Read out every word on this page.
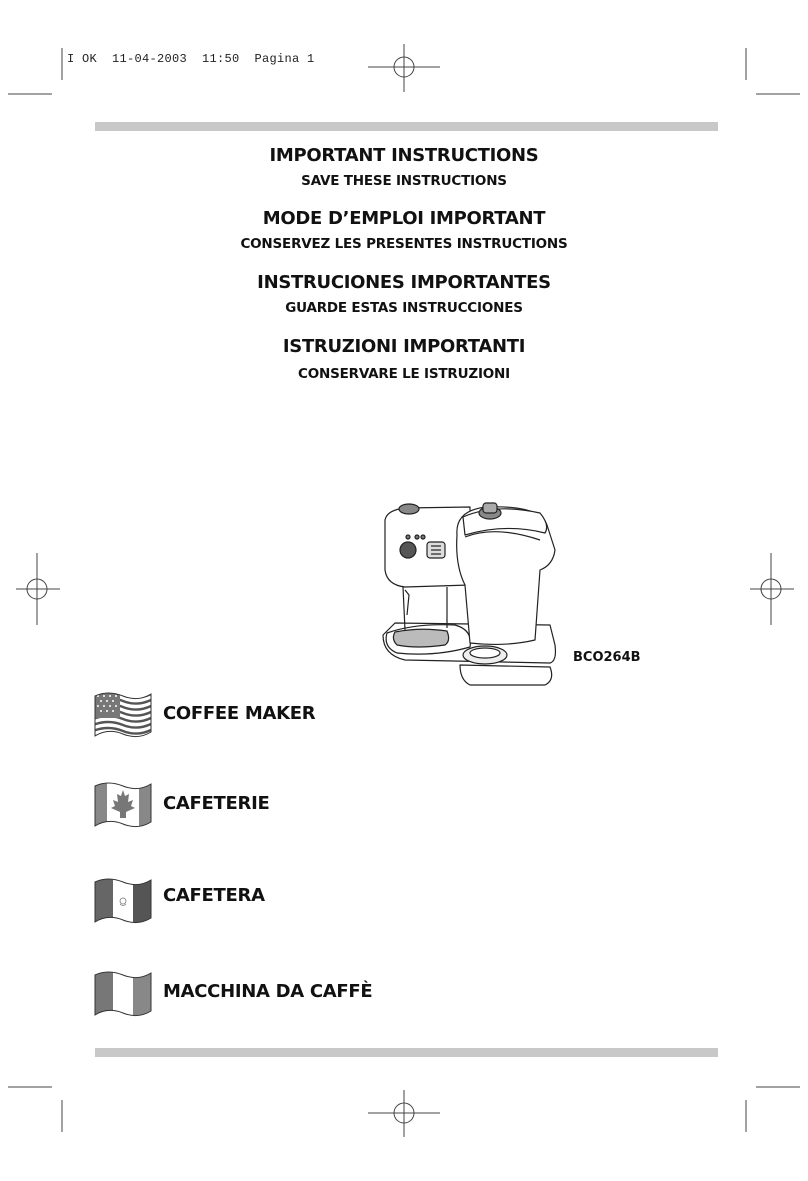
I OK  11-04-2003  11:50  Pagina 1
IMPORTANT INSTRUCTIONS
SAVE THESE INSTRUCTIONS
MODE D’EMPLOI IMPORTANT
CONSERVEZ LES PRESENTES INSTRUCTIONS
INSTRUCIONES IMPORTANTES
GUARDE ESTAS INSTRUCCIONES
ISTRUZIONI IMPORTANTI
CONSERVARE LE ISTRUZIONI
BCO264B
COFFEE MAKER
CAFETERIE
CAFETERA
MACCHINA DA CAFFÈ
